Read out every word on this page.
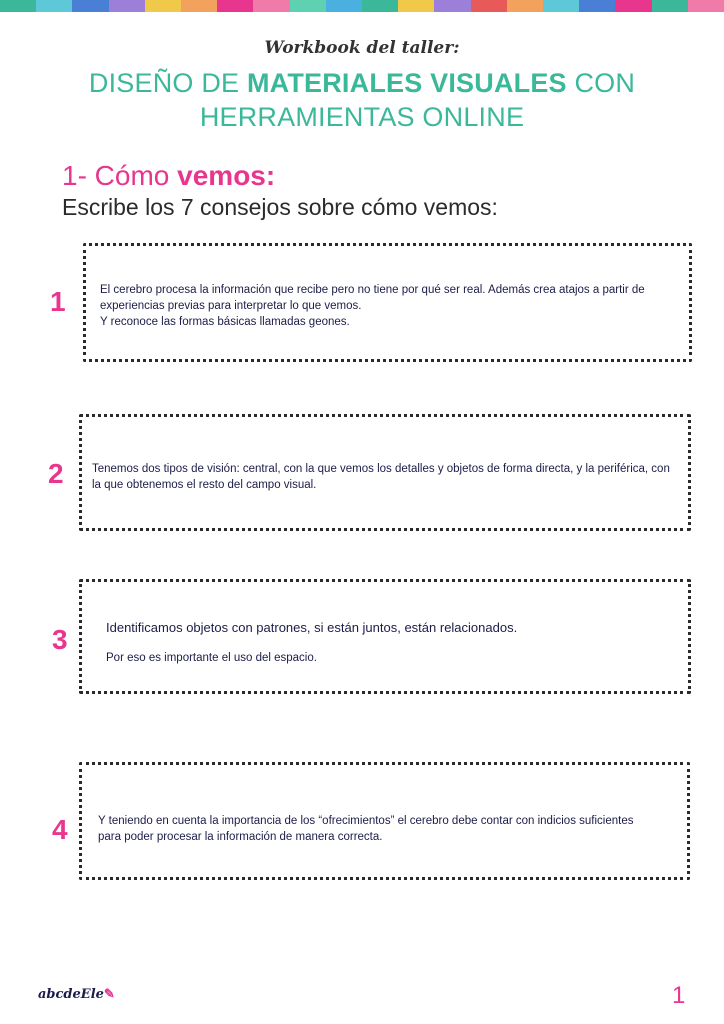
Workbook del taller:
DISEÑO DE MATERIALES VISUALES CON HERRAMIENTAS ONLINE
1- Cómo vemos:
Escribe los 7 consejos sobre cómo vemos:
1	El cerebro procesa la información que recibe pero no tiene por qué ser real. Además crea atajos a partir de experiencias previas para interpretar lo que vemos.

Y reconoce las formas básicas llamadas geones.

2 Tenemos dos tipos de visión: central, con la que vemos los detalles y objetos de forma directa, y la periférica, con la que obtenemos el resto del campo visual.

3	Identificamos objetos con patrones, si están juntos, están relacionados.

Por eso es importante el uso del espacio.

4	Y teniendo en cuenta la importancia de los “ofrecimientos” el cerebro debe contar con indicios suficientes para poder procesar la información de manera correcta.

abcdeEle✎	1
